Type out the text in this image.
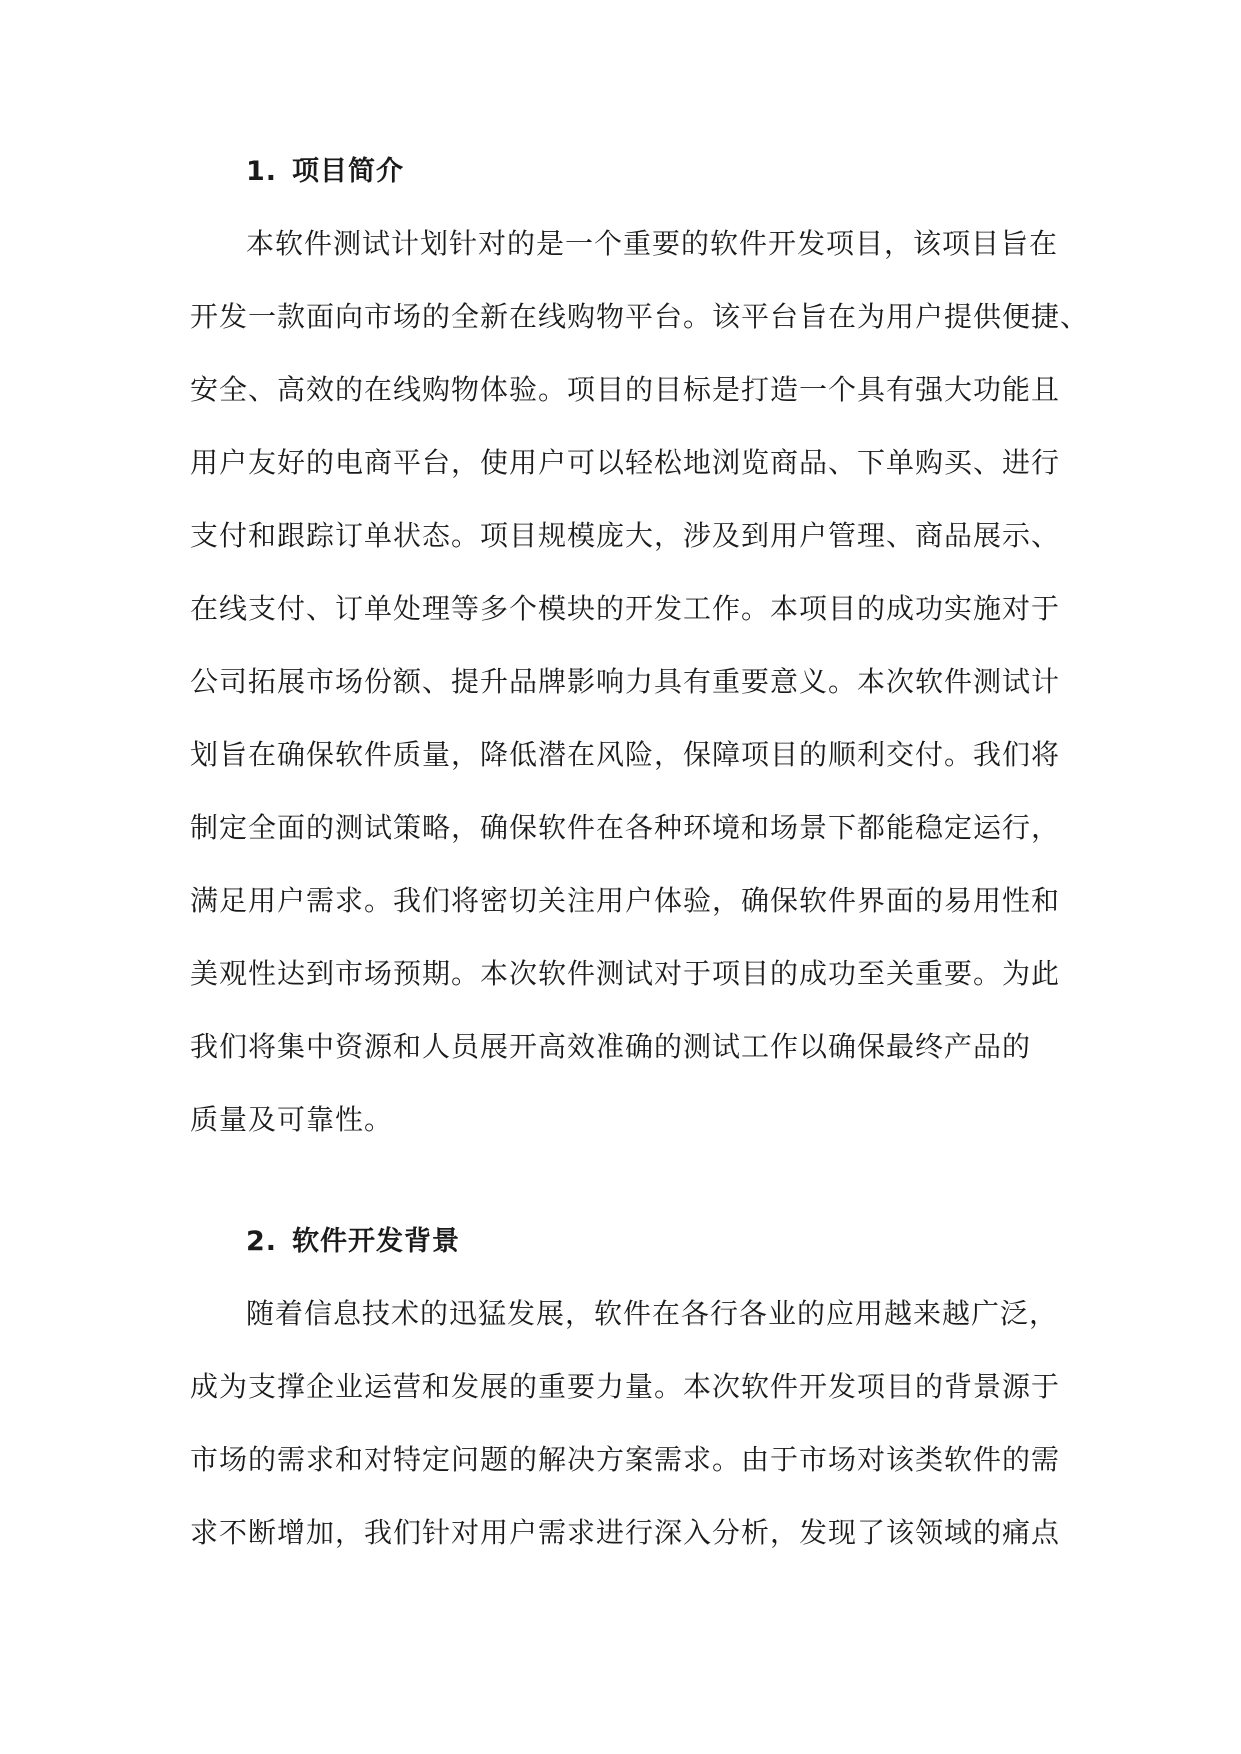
1. 项目简介
本软件测试计划针对的是一个重要的软件开发项目，该项目旨在
开发一款面向市场的全新在线购物平台。该平台旨在为用户提供便捷、
安全、高效的在线购物体验。项目的目标是打造一个具有强大功能且
用户友好的电商平台，使用户可以轻松地浏览商品、下单购买、进行
支付和跟踪订单状态。项目规模庞大，涉及到用户管理、商品展示、
在线支付、订单处理等多个模块的开发工作。本项目的成功实施对于
公司拓展市场份额、提升品牌影响力具有重要意义。本次软件测试计
划旨在确保软件质量，降低潜在风险，保障项目的顺利交付。我们将
制定全面的测试策略，确保软件在各种环境和场景下都能稳定运行，
满足用户需求。我们将密切关注用户体验，确保软件界面的易用性和
美观性达到市场预期。本次软件测试对于项目的成功至关重要。为此
我们将集中资源和人员展开高效准确的测试工作以确保最终产品的
质量及可靠性。
2. 软件开发背景
随着信息技术的迅猛发展，软件在各行各业的应用越来越广泛，
成为支撑企业运营和发展的重要力量。本次软件开发项目的背景源于
市场的需求和对特定问题的解决方案需求。由于市场对该类软件的需
求不断增加，我们针对用户需求进行深入分析，发现了该领域的痛点
